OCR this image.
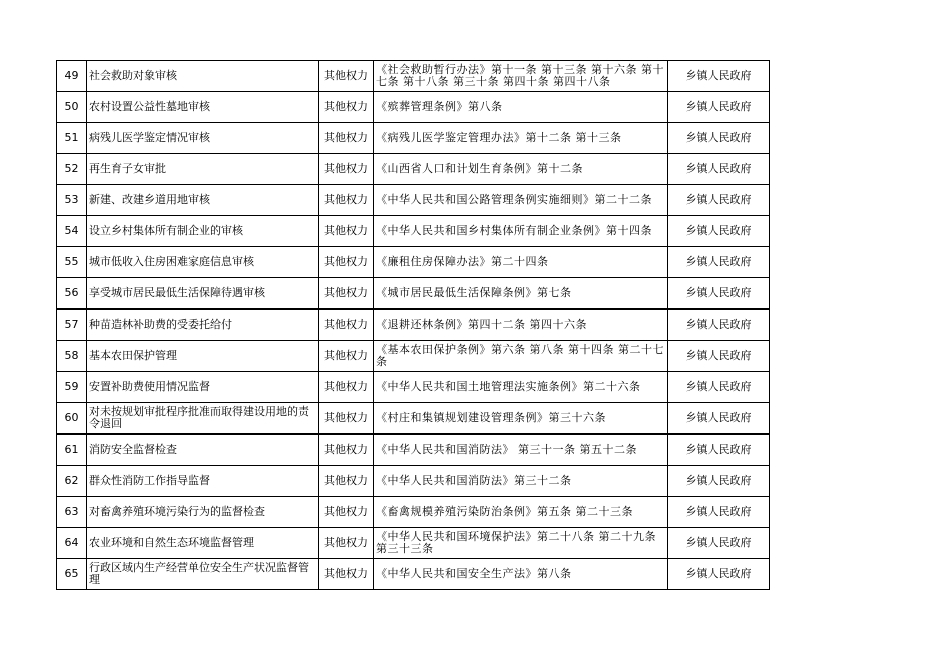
49	社会救助对象审核	其他权力	《社会救助暂行办法》第十一条 第十三条 第十六条 第十七条 第十八条 第三十条 第四十条 第四十八条	乡镇人民政府
50	农村设置公益性墓地审核	其他权力	《殡葬管理条例》第八条	乡镇人民政府
51	病残儿医学鉴定情况审核	其他权力	《病残儿医学鉴定管理办法》第十二条 第十三条	乡镇人民政府
52	再生育子女审批	其他权力	《山西省人口和计划生育条例》第十二条	乡镇人民政府
53	新建、改建乡道用地审核	其他权力	《中华人民共和国公路管理条例实施细则》第二十二条	乡镇人民政府
54	设立乡村集体所有制企业的审核	其他权力	《中华人民共和国乡村集体所有制企业条例》第十四条	乡镇人民政府
55	城市低收入住房困难家庭信息审核	其他权力	《廉租住房保障办法》第二十四条	乡镇人民政府
56	享受城市居民最低生活保障待遇审核	其他权力	《城市居民最低生活保障条例》第七条	乡镇人民政府
57	种苗造林补助费的受委托给付	其他权力	《退耕还林条例》第四十二条 第四十六条	乡镇人民政府
58	基本农田保护管理	其他权力	《基本农田保护条例》第六条 第八条 第十四条 第二十七条	乡镇人民政府
59	安置补助费使用情况监督	其他权力	《中华人民共和国土地管理法实施条例》第二十六条	乡镇人民政府
60	对未按规划审批程序批准而取得建设用地的责令退回	其他权力	《村庄和集镇规划建设管理条例》第三十六条	乡镇人民政府
61	消防安全监督检查	其他权力	《中华人民共和国消防法》 第三十一条 第五十二条	乡镇人民政府
62	群众性消防工作指导监督	其他权力	《中华人民共和国消防法》第三十二条	乡镇人民政府
63	对畜禽养殖环境污染行为的监督检查	其他权力	《畜禽规模养殖污染防治条例》第五条 第二十三条	乡镇人民政府
64	农业环境和自然生态环境监督管理	其他权力	《中华人民共和国环境保护法》第二十八条 第二十九条 第三十三条	乡镇人民政府
65	行政区域内生产经营单位安全生产状况监督管理	其他权力	《中华人民共和国安全生产法》第八条	乡镇人民政府
